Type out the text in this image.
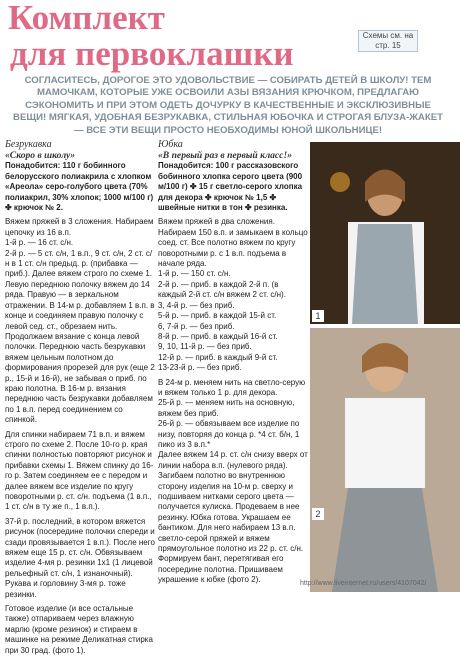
Комплект
для первоклашки	Схемы см. на стр. 15
СОГЛАСИТЕСЬ, ДОРОГОЕ ЭТО УДОВОЛЬСТВИЕ — СОБИРАТЬ ДЕТЕЙ В ШКОЛУ! ТЕМ МАМОЧКАМ, КОТОРЫЕ УЖЕ ОСВОИЛИ АЗЫ ВЯЗАНИЯ КРЮЧКОМ, ПРЕДЛАГАЮ СЭКОНОМИТЬ И ПРИ ЭТОМ ОДЕТЬ ДОЧУРКУ В КАЧЕСТВЕННЫЕ И ЭКСКЛЮЗИВНЫЕ ВЕЩИ! МЯГКАЯ, УДОБНАЯ БЕЗРУКАВКА, СТИЛЬНАЯ ЮБОЧКА И СТРОГАЯ БЛУЗА-ЖАКЕТ — ВСЕ ЭТИ ВЕЩИ ПРОСТО НЕОБХОДИМЫ ЮНОЙ ШКОЛЬНИЦЕ!
Безрукавка
«Скоро в школу»

Понадобится: 110 г бобинного белорусского полиакрила с хлопком «Ареола» серо-голубого цвета (70% полиакрил, 30% хлопок; 1000 м/100 г) ✤ крючок № 2.

Вяжем пряжей в 3 сложения. Набираем цепочку из 16 в.п.
1-й р. — 16 ст. с/н.
2-й р. — 5 ст. с/н, 1 в.п., 9 ст. с/н, 2 ст. с/н в 1 ст. с/н предыд. р. (прибавка — приб.). Далее вяжем строго по схеме 1. Левую переднюю полочку вяжем до 14 ряда. Правую — в зеркальном отражении. В 14-м р. добавляем 1 в.п. в конце и соединяем правую полочку с левой сед. ст., обрезаем нить. Продолжаем вязание с конца левой полочки. Переднюю часть безрукавки вяжем цельным полотном до формирования прорезей для рук (еще 2 р., 15-й и 16-й), не забывая о приб. по краю полотна. В 16-м р. вязания переднюю часть безрукавки добавляем по 1 в.п. перед соединением со спинкой.

Для спинки набираем 71 в.п. и вяжем строго по схеме 2. После 10-го р. края спинки полностью повторяют рисунок и прибавки схемы 1. Вяжем спинку до 16-го р. Затем соединяем ее с передом и далее вяжем все изделие по кругу поворотными р. ст. с/н. подъема (1 в.п., 1 ст. с/н в ту же п., 1 в.п.).

37-й р. последний, в котором вяжется рисунок (посередине полочки спереди и сзади провязывается 1 в.п.). После него вяжем еще 15 р. ст. с/н. Обвязываем изделие 4-мя р. резинки 1х1 (1 лицевой рельефный ст. с/н, 1 изнаночный). Рукава и горловину 3-мя р. тоже резинки.

Готовое изделие (и все остальные также) отпариваем через влажную марлю (кроме резинок) и стираем в машинке на режиме Деликатная стирка при 30 град. (фото 1).

Юбка
«В первый раз в первый класс!»

Понадобится: 100 г рассказовского бобинного хлопка серого цвета (900 м/100 г) ✤ 15 г светло-серого хлопка для декора ✤ крючок № 1,5 ✤ швейные нитки в тон ✤ резинка.

Вяжем пряжей в два сложения. Набираем 150 в.п. и замыкаем в кольцо соед. ст. Все полотно вяжем по кругу поворотными р. с 1 в.п. подъема в начале ряда.
1-й р. — 150 ст. с/н.
2-й р. — приб. в каждой 2-й п. (в каждый 2-й ст. с/н вяжем 2 ст. с/н).
3, 4-й р. — без приб.
5-й р. — приб. в каждой 15-й ст.
6, 7-й р. — без приб.
8-й р. — приб. в каждый 16-й ст.
9, 10, 11-й р. — без приб.
12-й р. — приб. в каждый 9-й ст.
13-23-й р. — без приб.

В 24-м р. меняем нить на светло-серую и вяжем только 1 р. для декора.
25-й р. — меняем нить на основную, вяжем без приб.
26-й р. — обвязываем все изделие по низу, повторяя до конца р. *4 ст. б/н, 1 пико из 3 в.п.*
Далее вяжем 14 р. ст. с/н снизу вверх от линии набора в.п. (нулевого ряда). Загибаем полотно во внутреннюю сторону изделия на 10-м р. сверху и подшиваем нитками серого цвета — получается кулиска. Продеваем в нее резинку. Юбка готова. Украшаем ее бантиком. Для него набираем 13 в.п. светло-серой пряжей и вяжем прямоугольное полотно из 22 р. ст. с/н. Формируем бант, перетягивая его посередине полотна. Пришиваем украшение к юбке (фото 2).

1
2
http://www.liveinternet.ru/users/4107042/
